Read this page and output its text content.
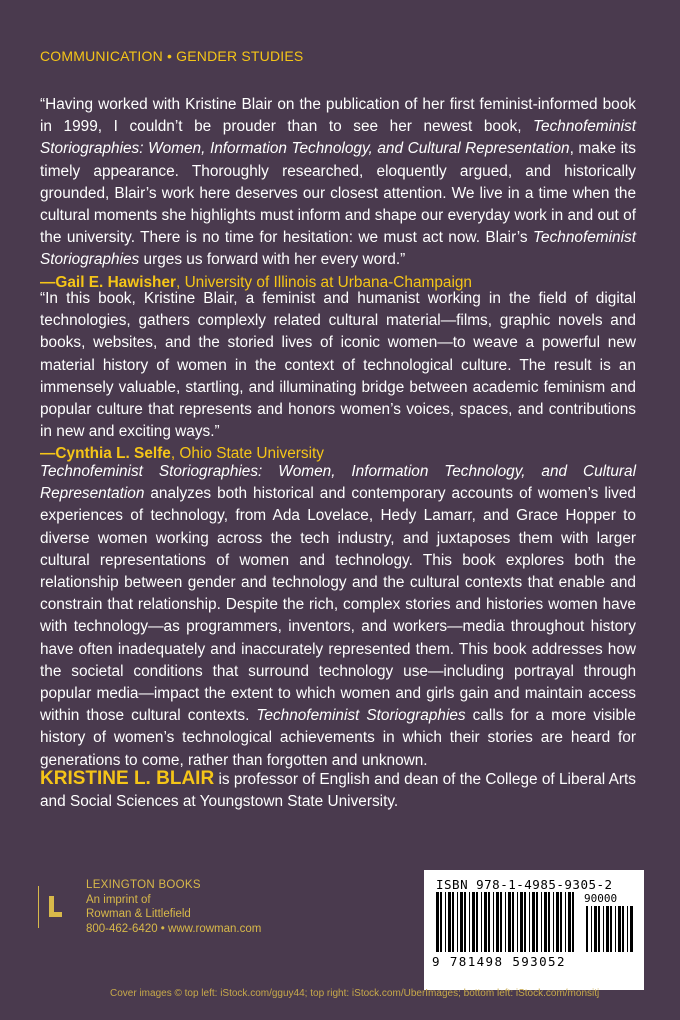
COMMUNICATION • GENDER STUDIES
“Having worked with Kristine Blair on the publication of her first feminist-informed book in 1999, I couldn’t be prouder than to see her newest book, Technofeminist Storiographies: Women, Information Technology, and Cultural Representation, make its timely appearance. Thoroughly researched, eloquently argued, and historically grounded, Blair’s work here deserves our closest attention. We live in a time when the cultural moments she highlights must inform and shape our everyday work in and out of the university. There is no time for hesitation: we must act now. Blair’s Technofeminist Storiographies urges us forward with her every word.”
—Gail E. Hawisher, University of Illinois at Urbana-Champaign
“In this book, Kristine Blair, a feminist and humanist working in the field of digital technologies, gathers complexly related cultural material—films, graphic novels and books, websites, and the storied lives of iconic women—to weave a powerful new material history of women in the context of technological culture. The result is an immensely valuable, startling, and illuminating bridge between academic feminism and popular culture that represents and honors women’s voices, spaces, and contributions in new and exciting ways.”
—Cynthia L. Selfe, Ohio State University
Technofeminist Storiographies: Women, Information Technology, and Cultural Representation analyzes both historical and contemporary accounts of women’s lived experiences of technology, from Ada Lovelace, Hedy Lamarr, and Grace Hopper to diverse women working across the tech industry, and juxtaposes them with larger cultural representations of women and technology. This book explores both the relationship between gender and technology and the cultural contexts that enable and constrain that relationship. Despite the rich, complex stories and histories women have with technology—as programmers, inventors, and workers—media throughout history have often inadequately and inaccurately represented them. This book addresses how the societal conditions that surround technology use—including portrayal through popular media—impact the extent to which women and girls gain and maintain access within those cultural contexts. Technofeminist Storiographies calls for a more visible history of women’s technological achievements in which their stories are heard for generations to come, rather than forgotten and unknown.
KRISTINE L. BLAIR is professor of English and dean of the College of Liberal Arts and Social Sciences at Youngstown State University.
LEXINGTON BOOKS
An imprint of
Rowman & Littlefield
800-462-6420 • www.rowman.com
ISBN 978-1-4985-9305-2
90000
9 781498 593052
Cover images © top left: iStock.com/gguy44; top right: iStock.com/UberImages; bottom left: iStock.com/monsitj
